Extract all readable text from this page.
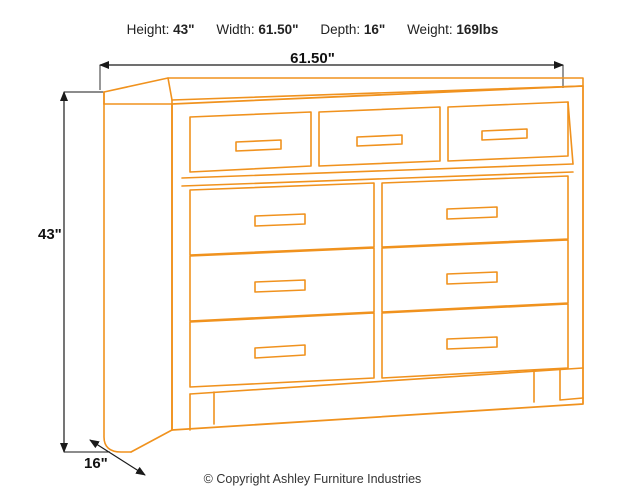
Height: 43" Width: 61.50" Depth: 16" Weight: 169lbs
61.50"
43"
16"
© Copyright Ashley Furniture Industries
